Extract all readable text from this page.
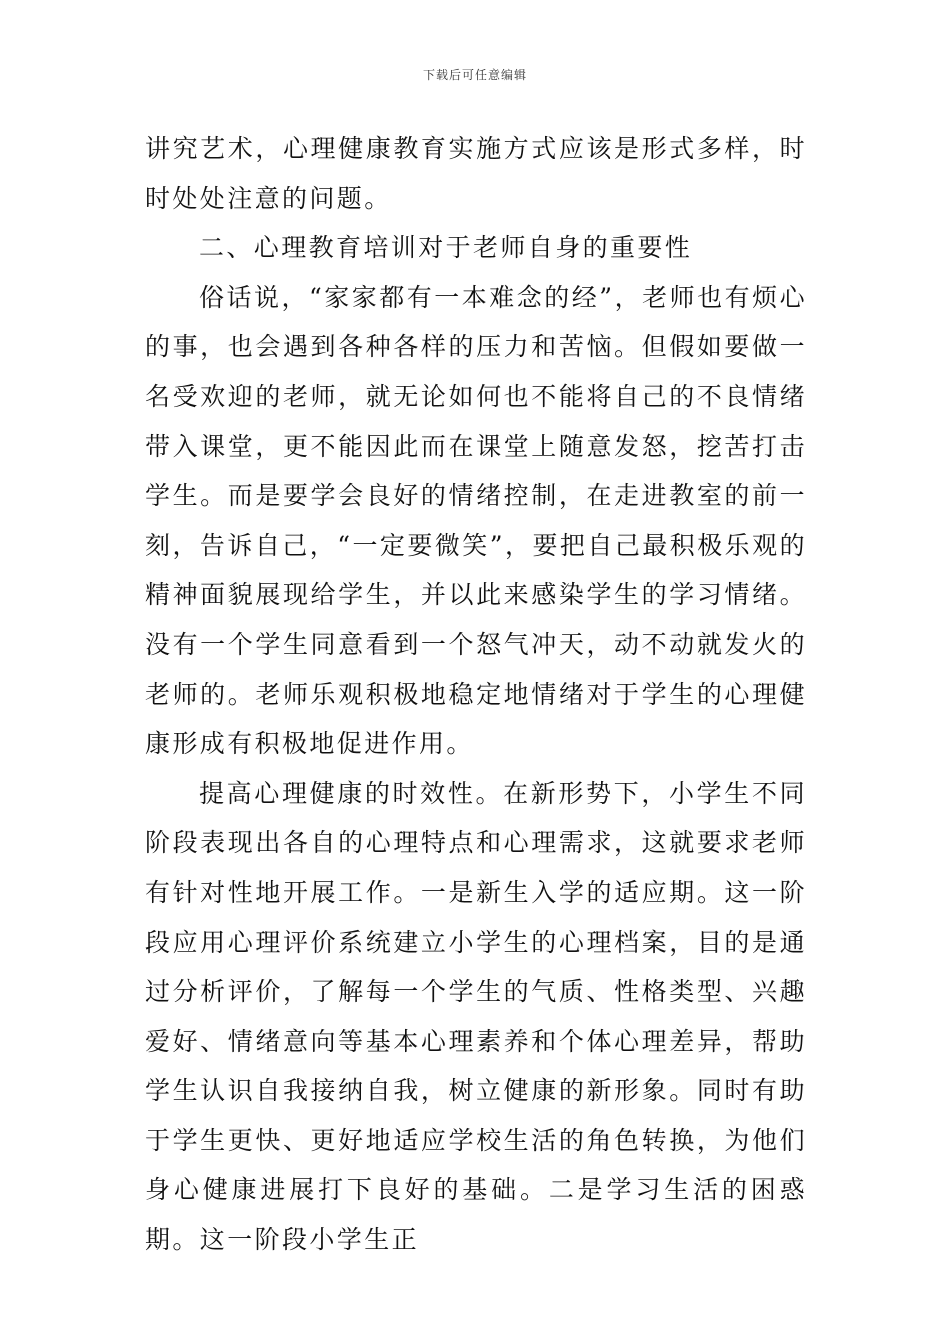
下载后可任意编辑

讲究艺术，心理健康教育实施方式应该是形式多样，时时处处注意的问题。

二、心理教育培训对于老师自身的重要性

俗话说，“家家都有一本难念的经”，老师也有烦心的事，也会遇到各种各样的压力和苦恼。但假如要做一名受欢迎的老师，就无论如何也不能将自己的不良情绪带入课堂，更不能因此而在课堂上随意发怒，挖苦打击学生。而是要学会良好的情绪控制，在走进教室的前一刻，告诉自己，“一定要微笑”，要把自己最积极乐观的精神面貌展现给学生，并以此来感染学生的学习情绪。没有一个学生同意看到一个怒气冲天，动不动就发火的老师的。老师乐观积极地稳定地情绪对于学生的心理健康形成有积极地促进作用。

提高心理健康的时效性。在新形势下，小学生不同阶段表现出各自的心理特点和心理需求，这就要求老师有针对性地开展工作。一是新生入学的适应期。这一阶段应用心理评价系统建立小学生的心理档案，目的是通过分析评价，了解每一个学生的气质、性格类型、兴趣爱好、情绪意向等基本心理素养和个体心理差异，帮助学生认识自我接纳自我，树立健康的新形象。同时有助于学生更快、更好地适应学校生活的角色转换，为他们身心健康进展打下良好的基础。二是学习生活的困惑期。这一阶段小学生正
